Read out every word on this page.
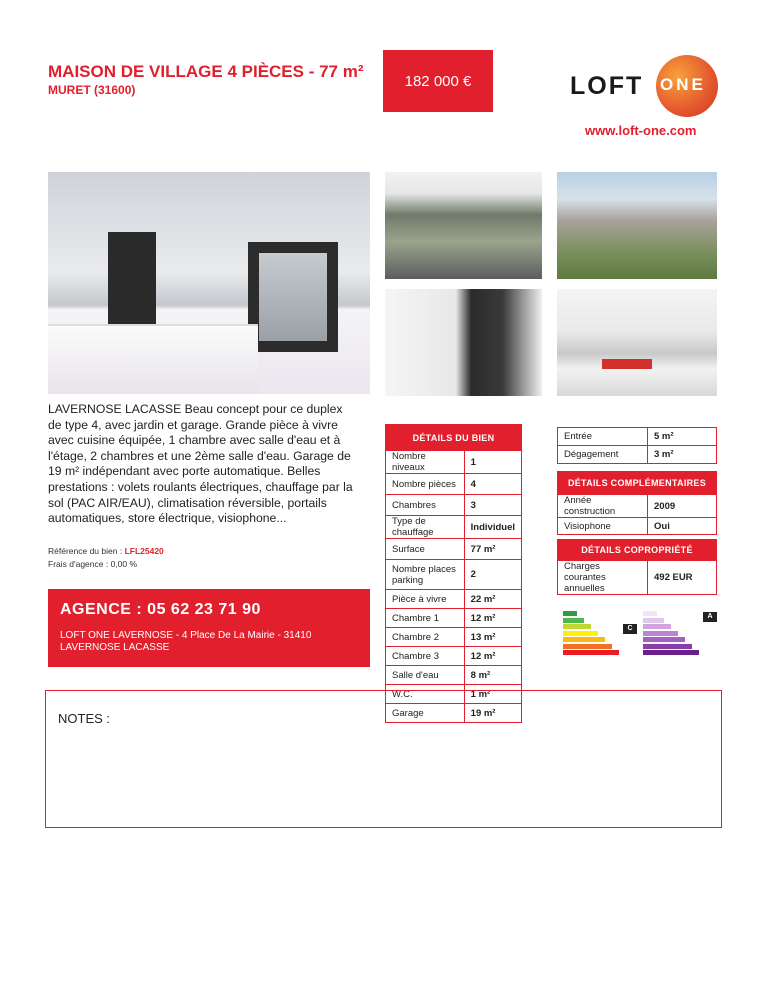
MAISON DE VILLAGE 4 PIÈCES - 77 m²
MURET (31600)
182 000 €	LOFT ONE
www.loft-one.com
LAVERNOSE LACASSE Beau concept pour ce duplex de type 4, avec jardin et garage. Grande pièce à vivre avec cuisine équipée, 1 chambre avec salle d'eau et à l'étage, 2 chambres et une 2ème salle d'eau. Garage de 19 m² indépendant avec porte automatique. Belles prestations : volets roulants électriques, chauffage par la sol (PAC AIR/EAU), climatisation réversible, portails automatiques, store électrique, visiophone...
Référence du bien : LFL25420
Frais d'agence : 0,00 %
AGENCE : 05 62 23 71 90
LOFT ONE LAVERNOSE - 4 Place De La Mairie - 31410 LAVERNOSE LACASSE
DÉTAILS DU BIEN	
Nombre niveaux	1
Nombre pièces	4
Chambres	3
Type de chauffage	Individuel
Surface	77 m²
Nombre places parking	2
Pièce à vivre	22 m²
Chambre 1	12 m²
Chambre 2	13 m²
Chambre 3	12 m²
Salle d'eau	8 m²
W.C.	1 m²
Garage	19 m²
Entrée	5 m²
Dégagement	3 m²
DÉTAILS COMPLÉMENTAIRES	
Année construction	2009
Visiophone	Oui
DÉTAILS COPROPRIÉTÉ
Charges courantes annuelles	492 EUR
C
A
NOTES :
